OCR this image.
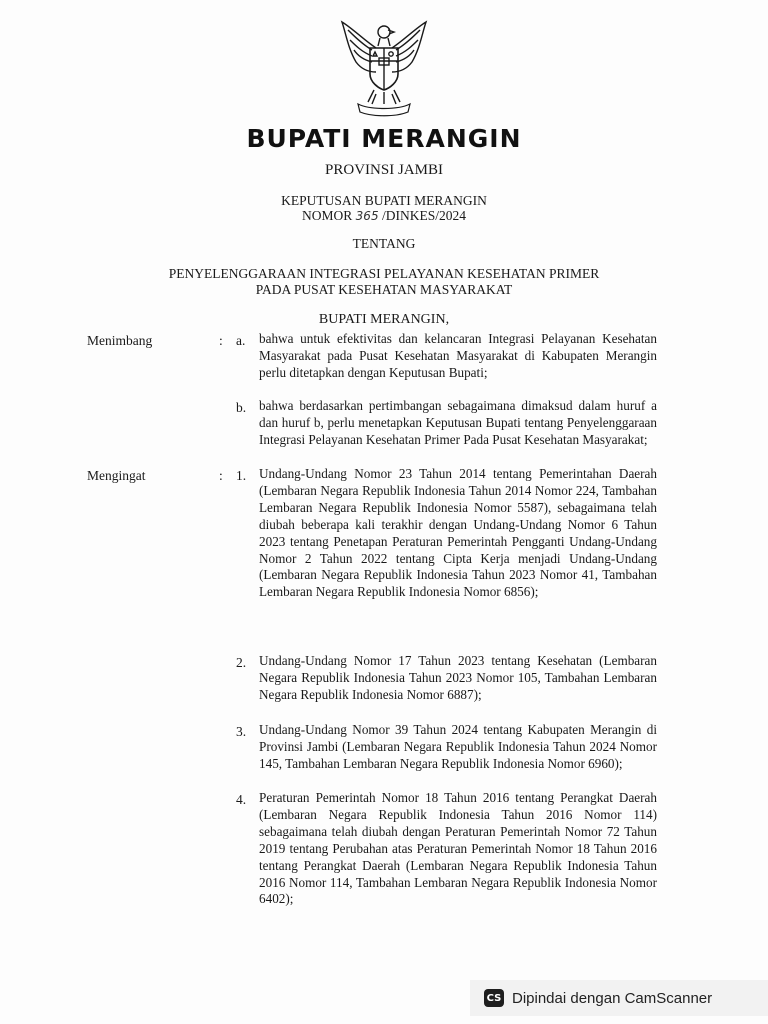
BUPATI MERANGIN
PROVINSI JAMBI
KEPUTUSAN BUPATI MERANGIN
NOMOR 365 /DINKES/2024
TENTANG
PENYELENGGARAAN INTEGRASI PELAYANAN KESEHATAN PRIMER
PADA PUSAT KESEHATAN MASYARAKAT
BUPATI MERANGIN,
Menimbang	: a. bahwa untuk efektivitas dan kelancaran Integrasi Pelayanan Kesehatan Masyarakat pada Pusat Kesehatan Masyarakat di Kabupaten Merangin perlu ditetapkan dengan Keputusan Bupati;
b. bahwa berdasarkan pertimbangan sebagaimana dimaksud dalam huruf a dan huruf b, perlu menetapkan Keputusan Bupati tentang Penyelenggaraan Integrasi Pelayanan Kesehatan Primer Pada Pusat Kesehatan Masyarakat;
Mengingat	: 1. Undang-Undang Nomor 23 Tahun 2014 tentang Pemerintahan Daerah (Lembaran Negara Republik Indonesia Tahun 2014 Nomor 224, Tambahan Lembaran Negara Republik Indonesia Nomor 5587), sebagaimana telah diubah beberapa kali terakhir dengan Undang-Undang Nomor 6 Tahun 2023 tentang Penetapan Peraturan Pemerintah Pengganti Undang-Undang Nomor 2 Tahun 2022 tentang Cipta Kerja menjadi Undang-Undang (Lembaran Negara Republik Indonesia Tahun 2023 Nomor 41, Tambahan Lembaran Negara Republik Indonesia Nomor 6856);
2. Undang-Undang Nomor 17 Tahun 2023 tentang Kesehatan (Lembaran Negara Republik Indonesia Tahun 2023 Nomor 105, Tambahan Lembaran Negara Republik Indonesia Nomor 6887);
3. Undang-Undang Nomor 39 Tahun 2024 tentang Kabupaten Merangin di Provinsi Jambi (Lembaran Negara Republik Indonesia Tahun 2024 Nomor 145, Tambahan Lembaran Negara Republik Indonesia Nomor 6960);
4. Peraturan Pemerintah Nomor 18 Tahun 2016 tentang Perangkat Daerah (Lembaran Negara Republik Indonesia Tahun 2016 Nomor 114) sebagaimana telah diubah dengan Peraturan Pemerintah Nomor 72 Tahun 2019 tentang Perubahan atas Peraturan Pemerintah Nomor 18 Tahun 2016 tentang Perangkat Daerah (Lembaran Negara Republik Indonesia Tahun 2016 Nomor 114, Tambahan Lembaran Negara Republik Indonesia Nomor 6402);
CS Dipindai dengan CamScanner
